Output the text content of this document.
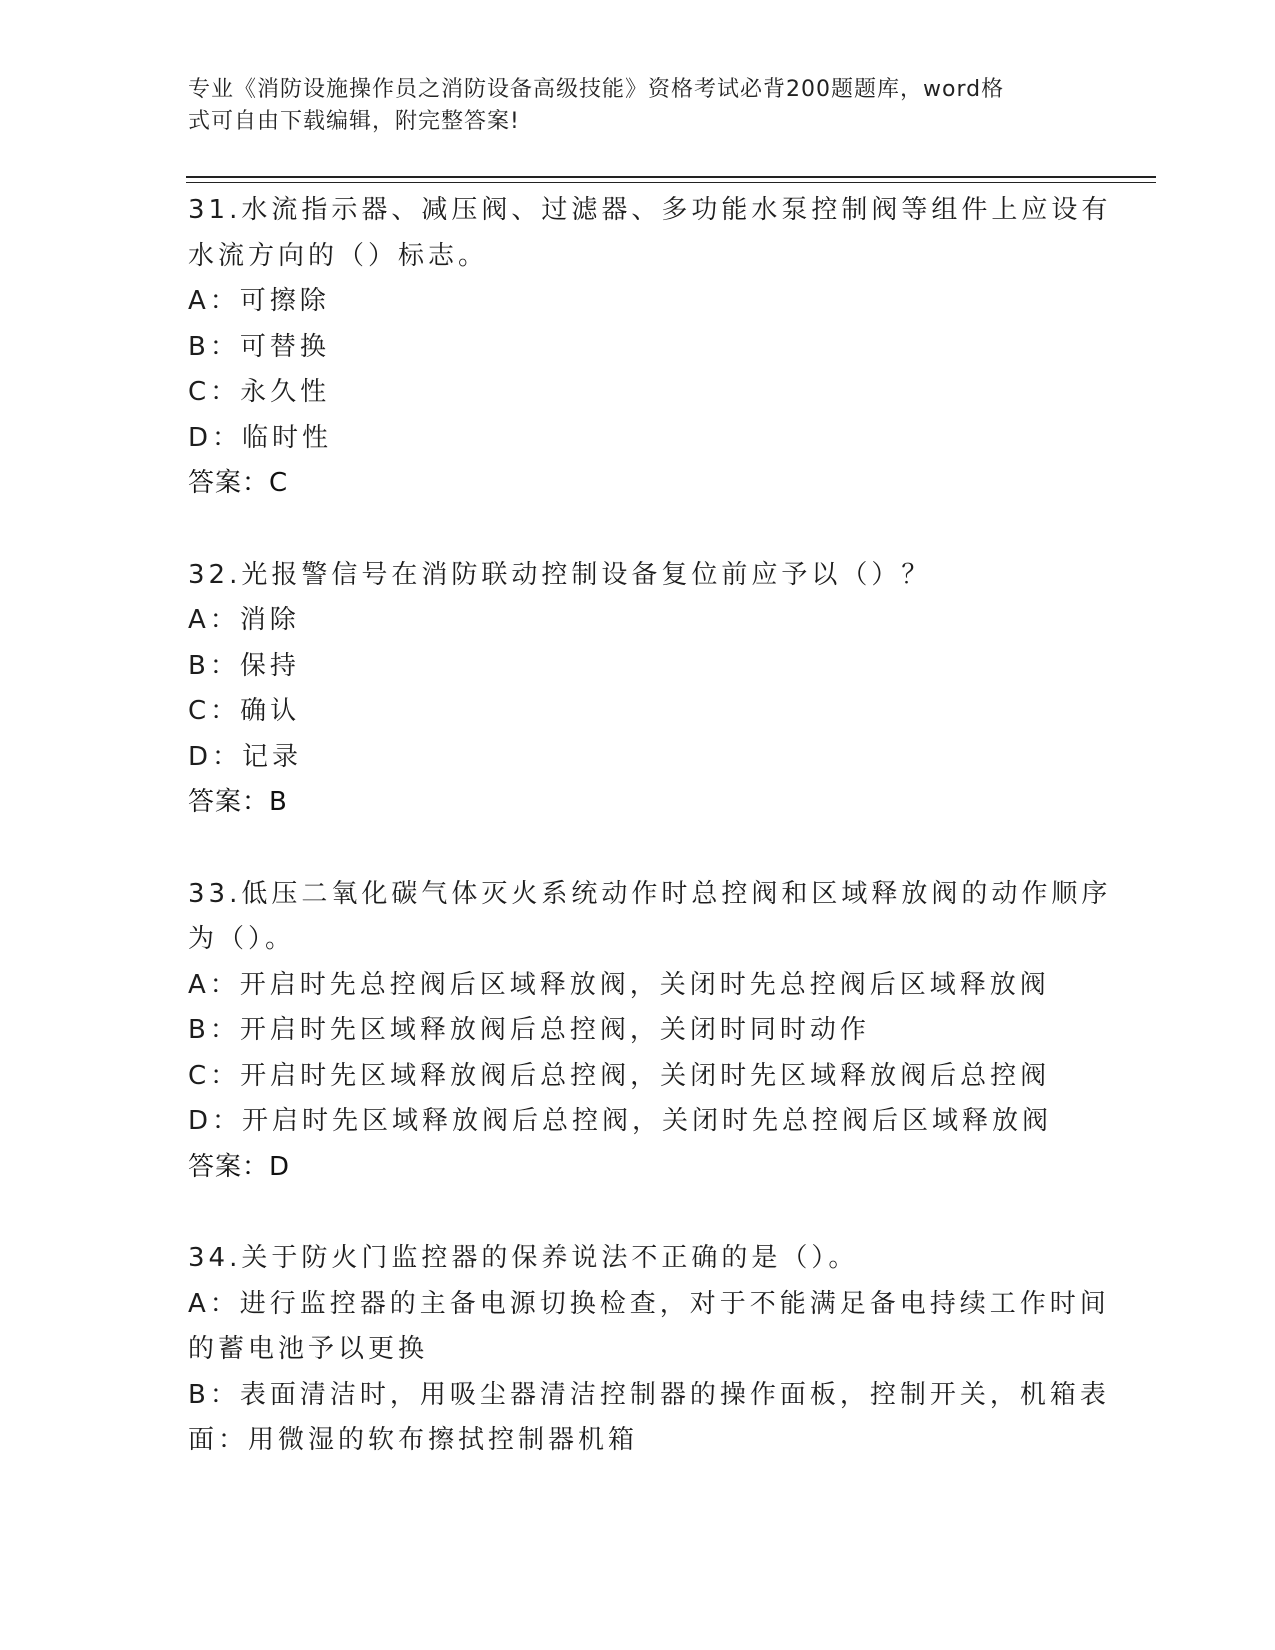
专业《消防设施操作员之消防设备高级技能》资格考试必背200题题库，word格
式可自由下载编辑，附完整答案!
31.水流指示器、减压阀、过滤器、多功能水泵控制阀等组件上应设有
水流方向的（）标志。
A：可擦除
B：可替换
C：永久性
D：临时性
答案：C
32.光报警信号在消防联动控制设备复位前应予以（）？
A：消除
B：保持
C：确认
D：记录
答案：B
33.低压二氧化碳气体灭火系统动作时总控阀和区域释放阀的动作顺序
为（）。
A：开启时先总控阀后区域释放阀，关闭时先总控阀后区域释放阀
B：开启时先区域释放阀后总控阀，关闭时同时动作
C：开启时先区域释放阀后总控阀，关闭时先区域释放阀后总控阀
D：开启时先区域释放阀后总控阀，关闭时先总控阀后区域释放阀
答案：D
34.关于防火门监控器的保养说法不正确的是（）。
A：进行监控器的主备电源切换检查，对于不能满足备电持续工作时间
的蓄电池予以更换
B：表面清洁时，用吸尘器清洁控制器的操作面板，控制开关，机箱表
面：用微湿的软布擦拭控制器机箱
